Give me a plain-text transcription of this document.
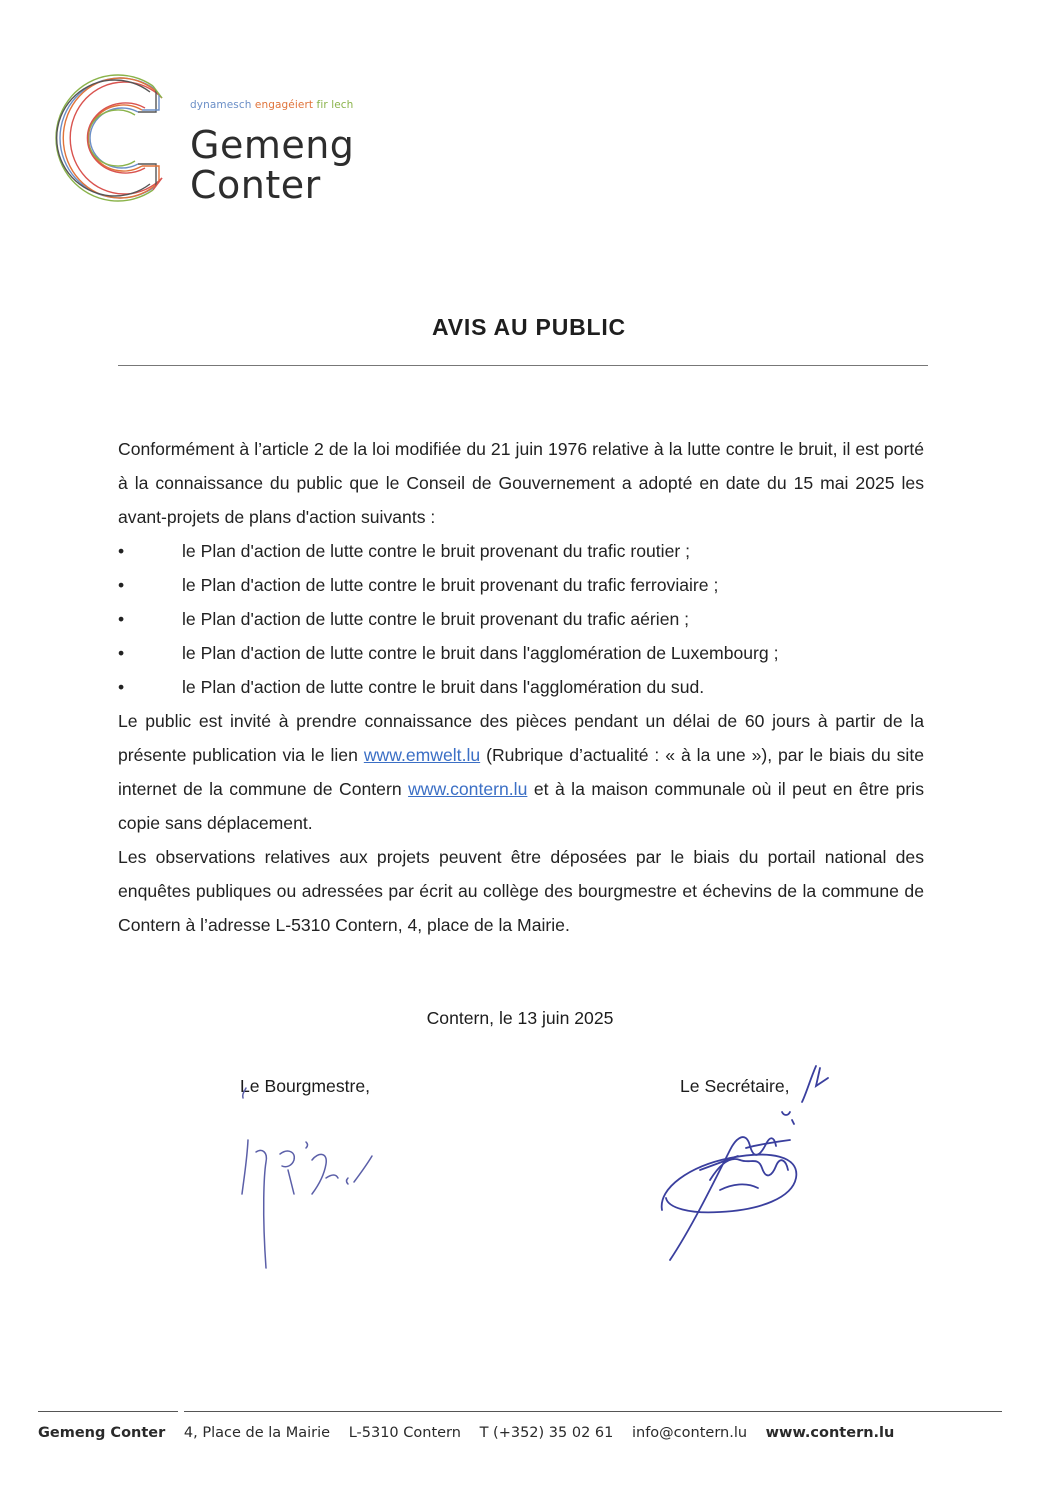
dynamesch engagéiert fir lech
Gemeng
Conter
AVIS AU PUBLIC

Conformément à l’article 2 de la loi modifiée du 21 juin 1976 relative à la lutte contre le bruit, il est porté à la connaissance du public que le Conseil de Gouvernement a adopté en date du 15 mai 2025 les avant-projets de plans d'action suivants :

•	le Plan d'action de lutte contre le bruit provenant du trafic routier ;
•	le Plan d'action de lutte contre le bruit provenant du trafic ferroviaire ;
•	le Plan d'action de lutte contre le bruit provenant du trafic aérien ;
•	le Plan d'action de lutte contre le bruit dans l'agglomération de Luxembourg ;
•	le Plan d'action de lutte contre le bruit dans l'agglomération du sud.

Le public est invité à prendre connaissance des pièces pendant un délai de 60 jours à partir de la présente publication via le lien www.emwelt.lu (Rubrique d’actualité : « à la une »), par le biais du site internet de la commune de Contern www.contern.lu et à la maison communale où il peut en être pris copie sans déplacement.

Les observations relatives aux projets peuvent être déposées par le biais du portail national des enquêtes publiques ou adressées par écrit au collège des bourgmestre et échevins de la commune de Contern à l’adresse L-5310 Contern, 4, place de la Mairie.

Contern, le 13 juin 2025
Le Bourgmestre,	Le Secrétaire,
Gemeng Conter 4, Place de la Mairie L-5310 Contern T (+352) 35 02 61 info@contern.lu www.contern.lu
